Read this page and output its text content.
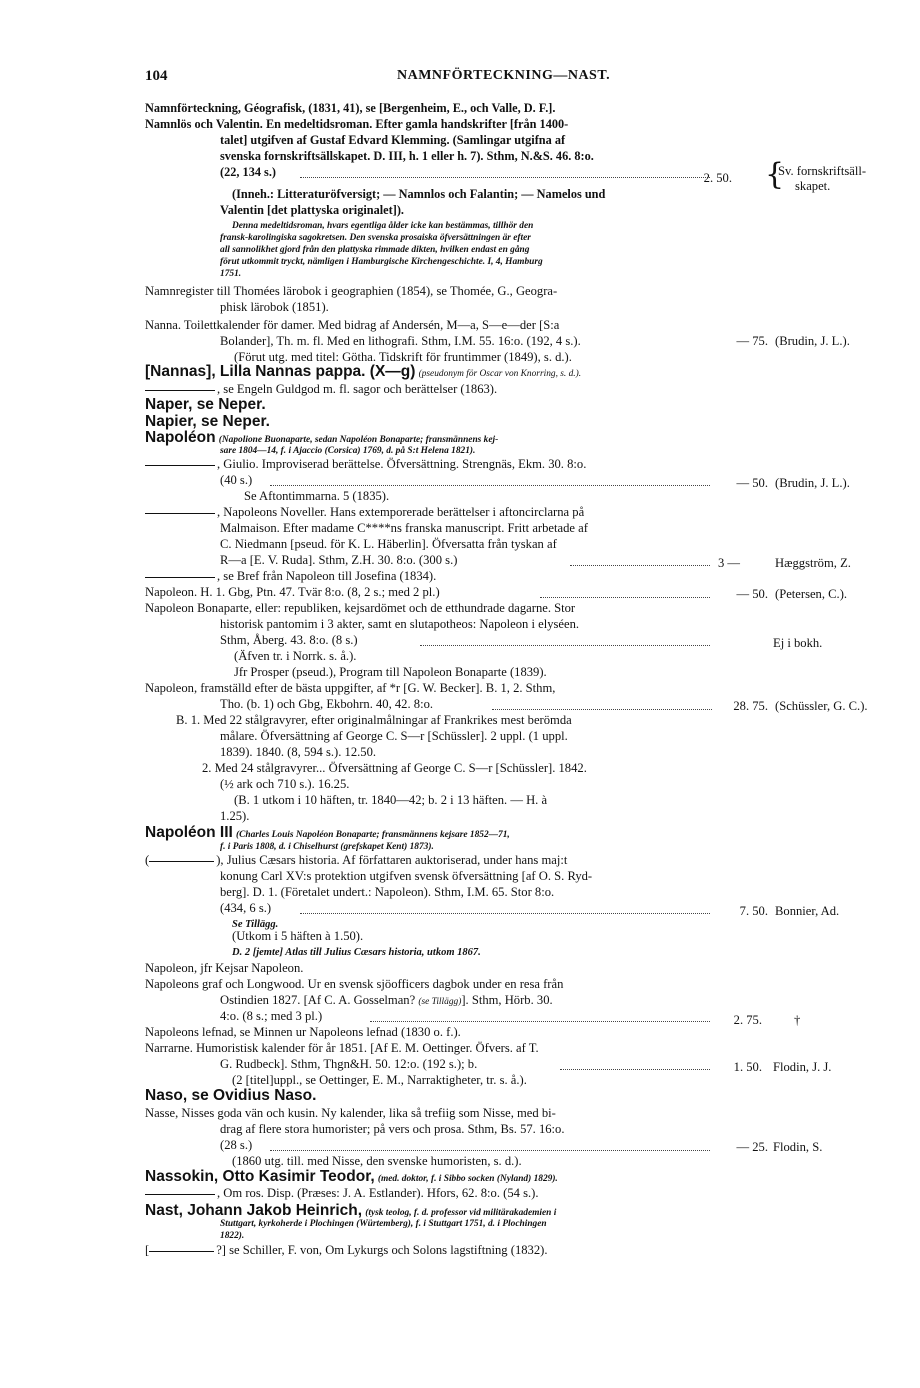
104	NAMNFÖRTECKNING—NAST.
Namnförteckning, Géografisk, (1831, 41), se [Bergenheim, E., och Valle, D. F.].
Namnlös och Valentin. En medeltidsroman. Efter gamla handskrifter [från 1400-
talet] utgifven af Gustaf Edvard Klemming. (Samlingar utgifna af
svenska fornskriftsällskapet. D. III, h. 1 eller h. 7). Sthm, N.&S. 46. 8:o.
(22, 134 s.)	2. 50. {
Sv. fornskriftsäll-
skapet.
(Inneh.: Litteraturöfversigt; — Namnlos och Falantin; — Namelos und
Valentin [det plattyska originalet]).
Denna medeltidsroman, hvars egentliga ålder icke kan bestämmas, tillhör den
fransk-karolingiska sagokretsen. Den svenska prosaiska öfversättningen är efter
all sannolikhet gjord från den plattyska rimmade dikten, hvilken endast en gång
förut utkommit tryckt, nämligen i Hamburgische Kirchengeschichte. I, 4, Hamburg
1751.
Namnregister till Thomées lärobok i geographien (1854), se Thomée, G., Geogra-
phisk lärobok (1851).
Nanna. Toilettkalender för damer. Med bidrag af Andersén, M—a, S—e—der [S:a
Bolander], Th. m. fl. Med en lithografi. Sthm, I.M. 55. 16:o. (192, 4 s.).	— 75. (Brudin, J. L.).
(Förut utg. med titel: Götha. Tidskrift för fruntimmer (1849), s. d.).
[Nannas], Lilla Nannas pappa. (X—g) (pseudonym för Oscar von Knorring, s. d.).
, se Engeln Guldgod m. fl. sagor och berättelser (1863).
Naper, se Neper.
Napier, se Neper.
Napoléon (Napolione Buonaparte, sedan Napoléon Bonaparte; fransmännens kej-
sare 1804—14, f. i Ajaccio (Corsica) 1769, d. på S:t Helena 1821).
, Giulio. Improviserad berättelse. Öfversättning. Strengnäs, Ekm. 30. 8:o.
(40 s.)	— 50. (Brudin, J. L.).
Se Aftontimmarna. 5 (1835).
, Napoleons Noveller. Hans extemporerade berättelser i aftoncirclarna på
Malmaison. Efter madame C****ns franska manuscript. Fritt arbetade af
C. Niedmann [pseud. för K. L. Häberlin]. Öfversatta från tyskan af
R—a [E. V. Ruda]. Sthm, Z.H. 30. 8:o. (300 s.)	3 —	Hæggström, Z.
, se Bref från Napoleon till Josefina (1834).
Napoleon. H. 1. Gbg, Ptn. 47. Tvär 8:o. (8, 2 s.; med 2 pl.)	— 50. (Petersen, C.).
Napoleon Bonaparte, eller: republiken, kejsardömet och de etthundrade dagarne. Stor
historisk pantomim i 3 akter, samt en slutapotheos: Napoleon i elyséen.
Sthm, Åberg. 43. 8:o. (8 s.)	Ej i bokh.
(Äfven tr. i Norrk. s. å.).
Jfr Prosper (pseud.), Program till Napoleon Bonaparte (1839).
Napoleon, framställd efter de bästa uppgifter, af *r [G. W. Becker]. B. 1, 2. Sthm,
Tho. (b. 1) och Gbg, Ekbohrn. 40, 42. 8:o.	28. 75. (Schüssler, G. C.).
B. 1. Med 22 stålgravyrer, efter originalmålningar af Frankrikes mest berömda
målare. Öfversättning af George C. S—r [Schüssler]. 2 uppl. (1 uppl.
1839). 1840. (8, 594 s.). 12.50.
2. Med 24 stålgravyrer... Öfversättning af George C. S—r [Schüssler]. 1842.
(½ ark och 710 s.). 16.25.
(B. 1 utkom i 10 häften, tr. 1840—42; b. 2 i 13 häften. — H. à
1.25).
Napoléon III (Charles Louis Napoléon Bonaparte; fransmännens kejsare 1852—71,
f. i Paris 1808, d. i Chiselhurst (grefskapet Kent) 1873).
(	), Julius Cæsars historia. Af författaren auktoriserad, under hans maj:t
konung Carl XV:s protektion utgifven svensk öfversättning [af O. S. Ryd-
berg]. D. 1. (Företalet undert.: Napoleon). Sthm, I.M. 65. Stor 8:o.
(434, 6 s.)	7. 50. Bonnier, Ad.
Se Tillägg.
(Utkom i 5 häften à 1.50).
D. 2 [jemte] Atlas till Julius Cæsars historia, utkom 1867.
Napoleon, jfr Kejsar Napoleon.
Napoleons graf och Longwood. Ur en svensk sjöofficers dagbok under en resa från
Ostindien 1827. [Af C. A. Gosselman? (se Tillägg)]. Sthm, Hörb. 30.
4:o. (8 s.; med 3 pl.)	2. 75.	†
Napoleons lefnad, se Minnen ur Napoleons lefnad (1830 o. f.).
Narrarne. Humoristisk kalender för år 1851. [Af E. M. Oettinger. Öfvers. af T.
G. Rudbeck]. Sthm, Thgn&H. 50. 12:o. (192 s.); b.	1. 50. Flodin, J. J.
(2 [titel]uppl., se Oettinger, E. M., Narraktigheter, tr. s. å.).
Naso, se Ovidius Naso.
Nasse, Nisses goda vän och kusin. Ny kalender, lika så trefiig som Nisse, med bi-
drag af flere stora humorister; på vers och prosa. Sthm, Bs. 57. 16:o.
(28 s.)	— 25. Flodin, S.
(1860 utg. till. med Nisse, den svenske humoristen, s. d.).
Nassokin, Otto Kasimir Teodor, (med. doktor, f. i Sibbo socken (Nyland) 1829).
, Om ros. Disp. (Præses: J. A. Estlander). Hfors, 62. 8:o. (54 s.).
Nast, Johann Jakob Heinrich, (tysk teolog, f. d. professor vid militärakademien i
Stuttgart, kyrkoherde i Plochingen (Würtemberg), f. i Stuttgart 1751, d. i Plochingen
1822).
[	?] se Schiller, F. von, Om Lykurgs och Solons lagstiftning (1832).
